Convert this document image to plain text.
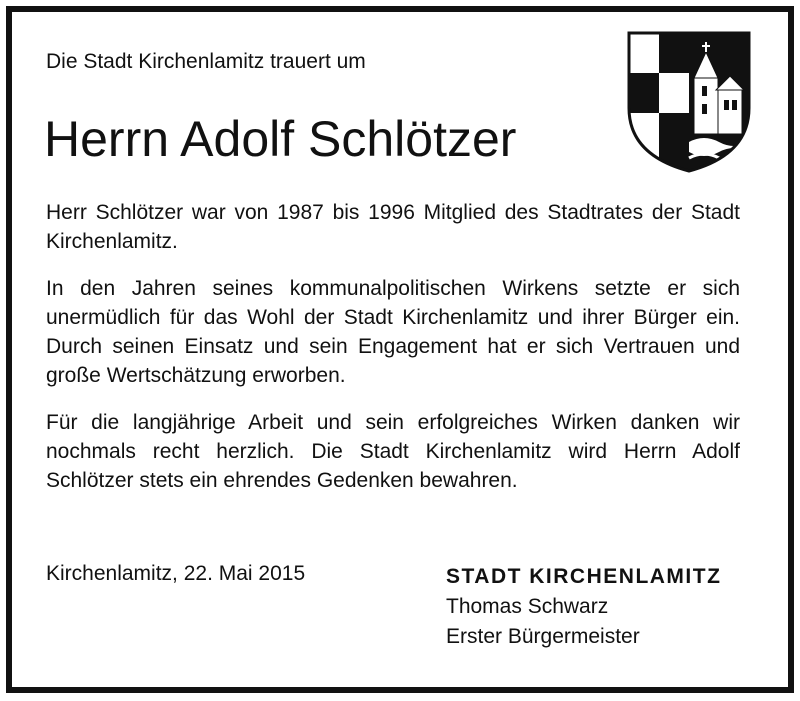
Die Stadt Kirchenlamitz trauert um
Herrn Adolf Schlötzer

Herr Schlötzer war von 1987 bis 1996 Mitglied des Stadtrates der Stadt Kirchenlamitz.

In den Jahren seines kommunalpolitischen Wirkens setzte er sich unermüdlich für das Wohl der Stadt Kirchenlamitz und ihrer Bürger ein. Durch seinen Einsatz und sein Engagement hat er sich Vertrauen und große Wertschätzung erworben.

Für die langjährige Arbeit und sein erfolgreiches Wirken danken wir nochmals recht herzlich. Die Stadt Kirchenlamitz wird Herrn Adolf Schlötzer stets ein ehrendes Gedenken bewahren.

Kirchenlamitz, 22. Mai 2015	STADT KIRCHENLAMITZ
Thomas Schwarz
Erster Bürgermeister
